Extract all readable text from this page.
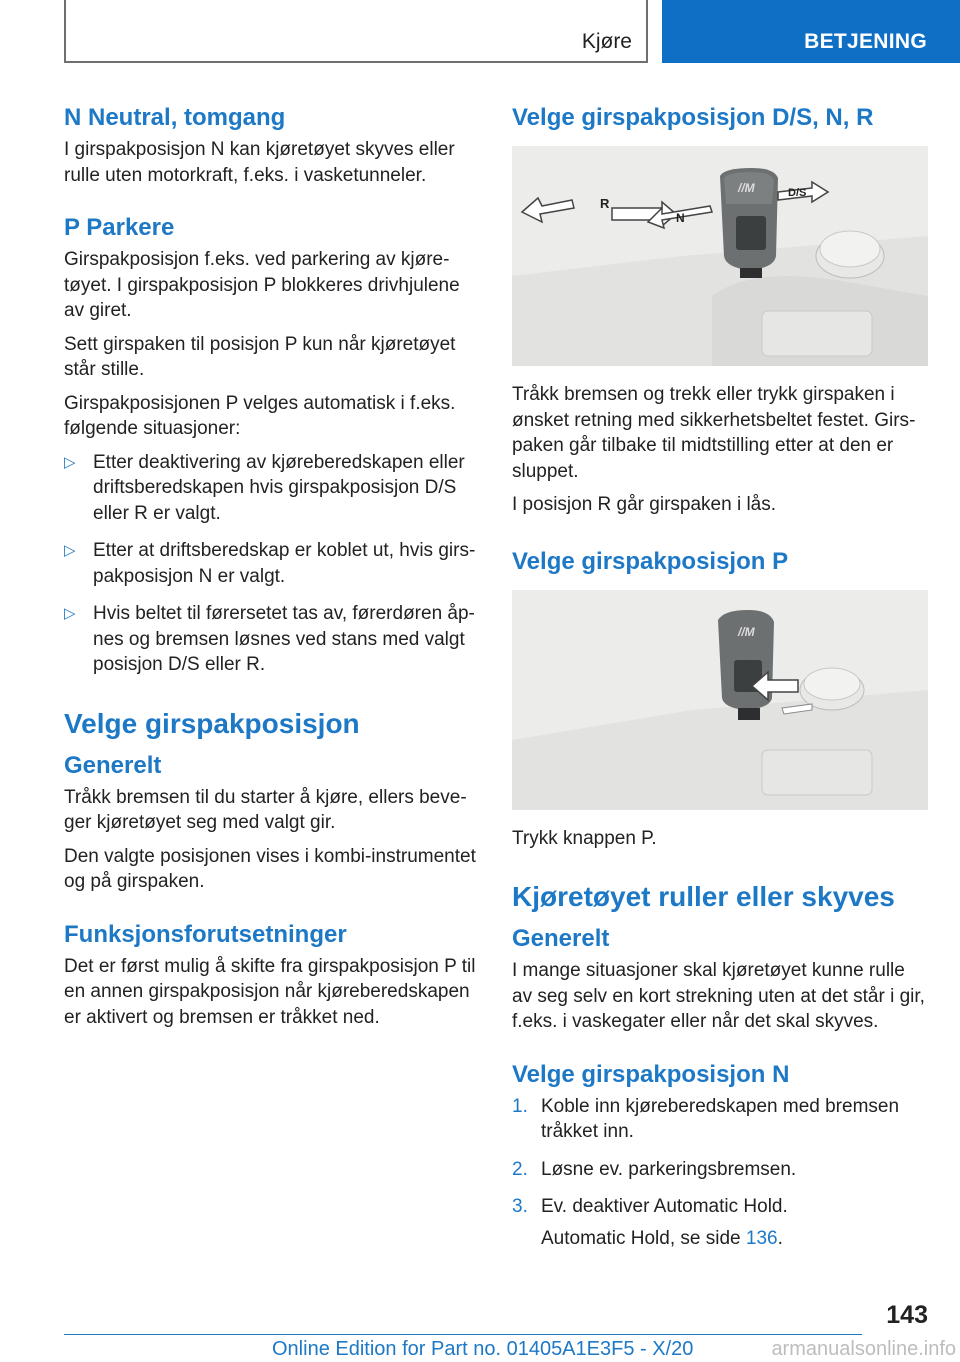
Kjøre	BETJENING
N Neutral, tomgang

I girspakposisjon N kan kjøretøyet skyves eller rulle uten motorkraft, f.eks. i vasketunneler.

P Parkere

Girspakposisjon f.eks. ved parkering av kjøretøyet. I girspakposisjon P blokkeres drivhjulene av giret.

Sett girspaken til posisjon P kun når kjøretøyet står stille.

Girspakposisjonen P velges automatisk i f.eks. følgende situasjoner:

▷ Etter deaktivering av kjøreberedskapen eller driftsberedskapen hvis girspakposisjon D/S eller R er valgt.
▷ Etter at driftsberedskap er koblet ut, hvis girspakposisjon N er valgt.
▷ Hvis beltet til førersetet tas av, førerdøren åpnes og bremsen løsnes ved stans med valgt posisjon D/S eller R.
Velge girspakposisjon
Generelt

Tråkk bremsen til du starter å kjøre, ellers beveger kjøretøyet seg med valgt gir.

Den valgte posisjonen vises i kombi-instrumentet og på girspaken.

Funksjonsforutsetninger

Det er først mulig å skifte fra girspakposisjon P til en annen girspakposisjon når kjøreberedskapen er aktivert og bremsen er tråkket ned.

Velge girspakposisjon D/S, N, R
//M
R
N
D/S

Tråkk bremsen og trekk eller trykk girspaken i ønsket retning med sikkerhetsbeltet festet. Girspaken går tilbake til midtstilling etter at den er sluppet.

I posisjon R går girspaken i lås.

Velge girspakposisjon P
//M

Trykk knappen P.

Kjøretøyet ruller eller skyves
Generelt

I mange situasjoner skal kjøretøyet kunne rulle av seg selv en kort strekning uten at det står i gir, f.eks. i vaskegater eller når det skal skyves.

Velge girspakposisjon N
1. Koble inn kjøreberedskapen med bremsen tråkket inn.
2. Løsne ev. parkeringsbremsen.
3. Ev. deaktiver Automatic Hold.

Automatic Hold, se side 136.

143
Online Edition for Part no. 01405A1E3F5 - X/20	armanualsonline.info
